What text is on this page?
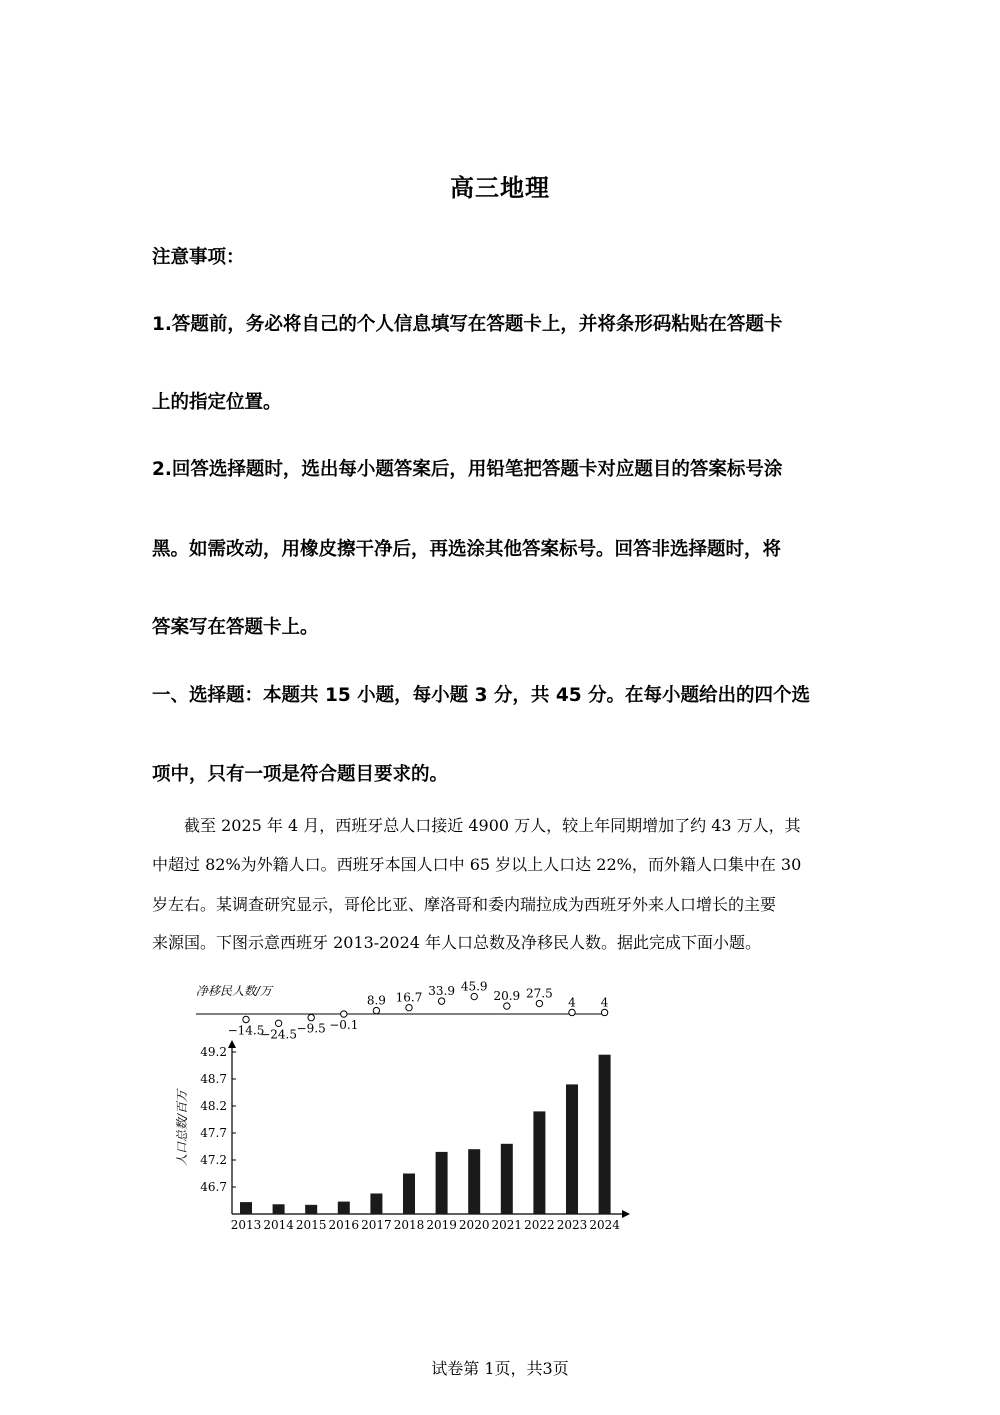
高三地理
注意事项：
1.答题前，务必将自己的个人信息填写在答题卡上，并将条形码粘贴在答题卡
上的指定位置。
2.回答选择题时，选出每小题答案后，用铅笔把答题卡对应题目的答案标号涂
黑。如需改动，用橡皮擦干净后，再选涂其他答案标号。回答非选择题时，将
答案写在答题卡上。
一、选择题：本题共 15 小题，每小题 3 分，共 45 分。在每小题给出的四个选
项中，只有一项是符合题目要求的。
　　截至 2025 年 4 月，西班牙总人口接近 4900 万人，较上年同期增加了约 43 万人，其
中超过 82%为外籍人口。西班牙本国人口中 65 岁以上人口达 22%，而外籍人口集中在 30
岁左右。某调查研究显示，哥伦比亚、摩洛哥和委内瑞拉成为西班牙外来人口增长的主要
来源国。下图示意西班牙 2013-2024 年人口总数及净移民人数。据此完成下面小题。
46.7
47.2
47.7
48.2
48.7
49.2
人口总数/百万
2013 2014 2015 2016 2017 2018 2019 2020 2021 2022 2023 2024
净移民人数/万
−14.5
−24.5 −9.5 −0.1
8.9 16.7 33.9 45.9
20.9 27.5
4 4
试卷第 1页，共3页
